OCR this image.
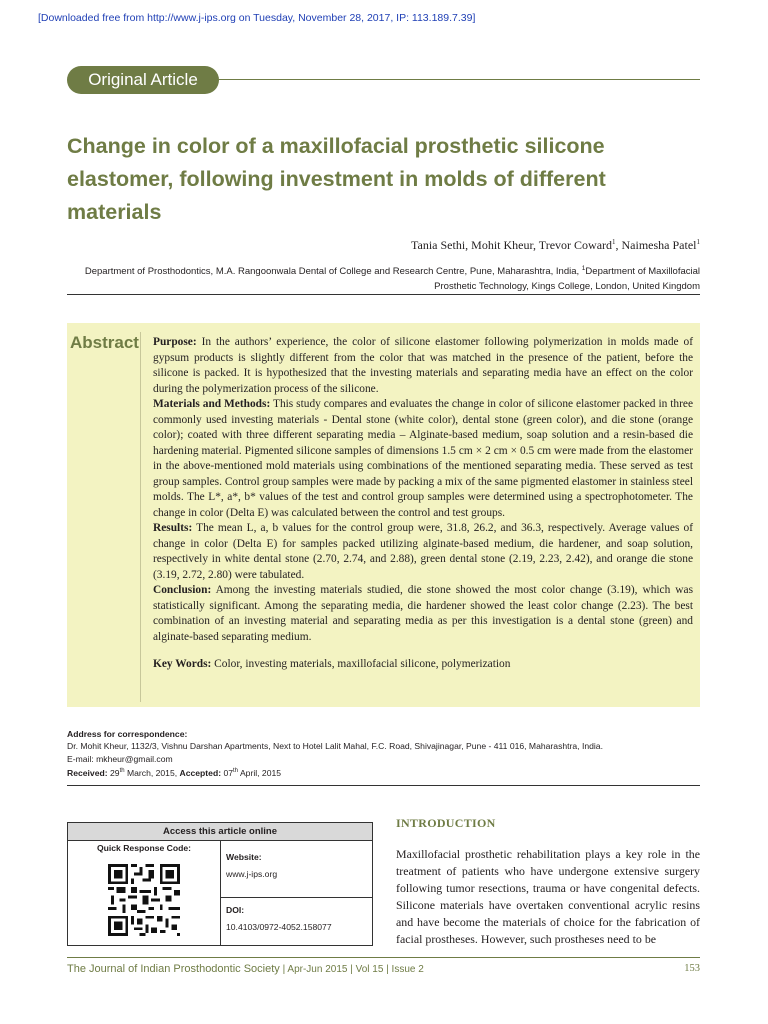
[Downloaded free from http://www.j-ips.org on Tuesday, November 28, 2017, IP: 113.189.7.39]
Original Article
Change in color of a maxillofacial prosthetic silicone elastomer, following investment in molds of different materials
Tania Sethi, Mohit Kheur, Trevor Coward$^1$, Naimesha Patel$^1$
Department of Prosthodontics, M.A. Rangoonwala Dental of College and Research Centre, Pune, Maharashtra, India, $^1$Department of Maxillofacial Prosthetic Technology, Kings College, London, United Kingdom
Abstract Purpose: In the authors’ experience, the color of silicone elastomer following polymerization in molds made of gypsum products is slightly different from the color that was matched in the presence of the patient, before the silicone is packed. It is hypothesized that the investing materials and separating media have an effect on the color during the polymerization process of the silicone.

Materials and Methods: This study compares and evaluates the change in color of silicone elastomer packed in three commonly used investing materials - Dental stone (white color), dental stone (green color), and die stone (orange color); coated with three different separating media – Alginate-based medium, soap solution and a resin-based die hardening material. Pigmented silicone samples of dimensions 1.5 cm × 2 cm × 0.5 cm were made from the elastomer in the above-mentioned mold materials using combinations of the mentioned separating media. These served as test group samples. Control group samples were made by packing a mix of the same pigmented elastomer in stainless steel molds. The L*, a*, b* values of the test and control group samples were determined using a spectrophotometer. The change in color (Delta E) was calculated between the control and test groups.

Results: The mean L, a, b values for the control group were, 31.8, 26.2, and 36.3, respectively. Average values of change in color (Delta E) for samples packed utilizing alginate-based medium, die hardener, and soap solution, respectively in white dental stone (2.70, 2.74, and 2.88), green dental stone (2.19, 2.23, 2.42), and orange die stone (3.19, 2.72, 2.80) were tabulated.

Conclusion: Among the investing materials studied, die stone showed the most color change (3.19), which was statistically significant. Among the separating media, die hardener showed the least color change (2.23). The best combination of an investing material and separating media as per this investigation is a dental stone (green) and alginate-based separating medium.

Key Words: Color, investing materials, maxillofacial silicone, polymerization

Address for correspondence:

Dr. Mohit Kheur, 1132/3, Vishnu Darshan Apartments, Next to Hotel Lalit Mahal, F.C. Road, Shivajinagar, Pune - 411 016, Maharashtra, India.

E-mail: mkheur@gmail.com

Received: 29th March, 2015, Accepted: 07th April, 2015

Access this article online
Quick Response Code:
Website:
www.j-ips.org
DOI:
10.4103/0972-4052.158077
INTRODUCTION
Maxillofacial prosthetic rehabilitation plays a key role in the treatment of patients who have undergone extensive surgery following tumor resections, trauma or have congenital defects. Silicone materials have overtaken conventional acrylic resins and have become the materials of choice for the fabrication of facial prostheses. However, such prostheses need to be
The Journal of Indian Prosthodontic Society | Apr-Jun 2015 | Vol 15 | Issue 2	153
